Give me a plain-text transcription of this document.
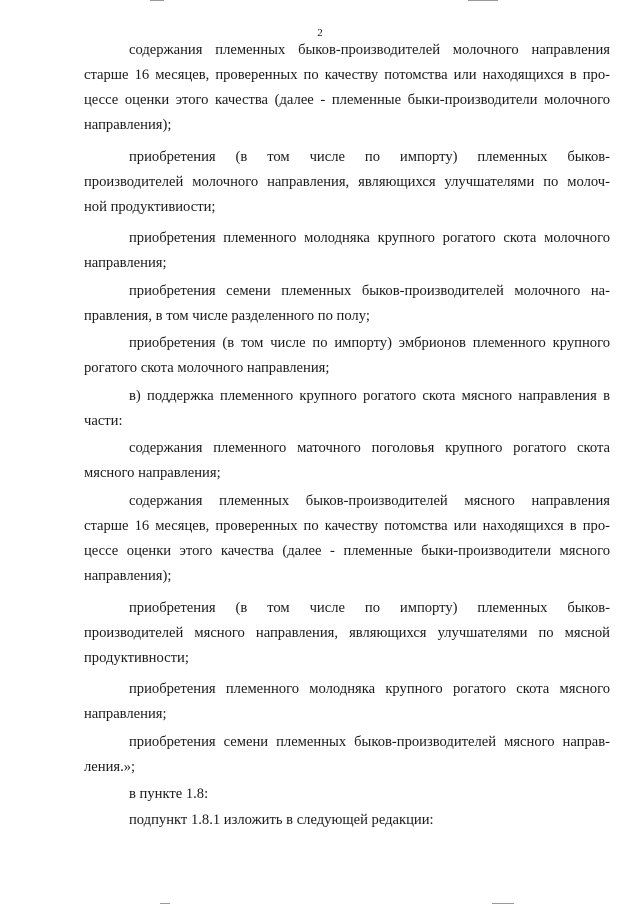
2

содержания племенных быков-производителей молочного направления
старше 16 месяцев, проверенных по качеству потомства или находящихся в про-
цессе оценки этого качества (далее - племенные быки-производители молочного
направления);

приобретения (в том числе по импорту) племенных быков-
производителей молочного направления, являющихся улучшателями по молоч-
ной продуктивиости;

приобретения племенного молодняка крупного рогатого скота молочного
направления;

приобретения семени племенных быков-производителей молочного на-
правления, в том числе разделенного по полу;

приобретения (в том числе по импорту) эмбрионов племенного крупного
рогатого скота молочного направления;

в) поддержка племенного крупного рогатого скота мясного направления в
части:

содержания племенного маточного поголовья крупного рогатого скота
мясного направления;

содержания племенных быков-производителей мясного направления
старше 16 месяцев, проверенных по качеству потомства или находящихся в про-
цессе оценки этого качества (далее - племенные быки-производители мясного
направления);

приобретения (в том числе по импорту) племенных быков-
производителей мясного направления, являющихся улучшателями по мясной
продуктивности;

приобретения племенного молодняка крупного рогатого скота мясного
направления;

приобретения семени племенных быков-производителей мясного направ-
ления.»;

в пункте 1.8:

подпункт 1.8.1 изложить в следующей редакции:
